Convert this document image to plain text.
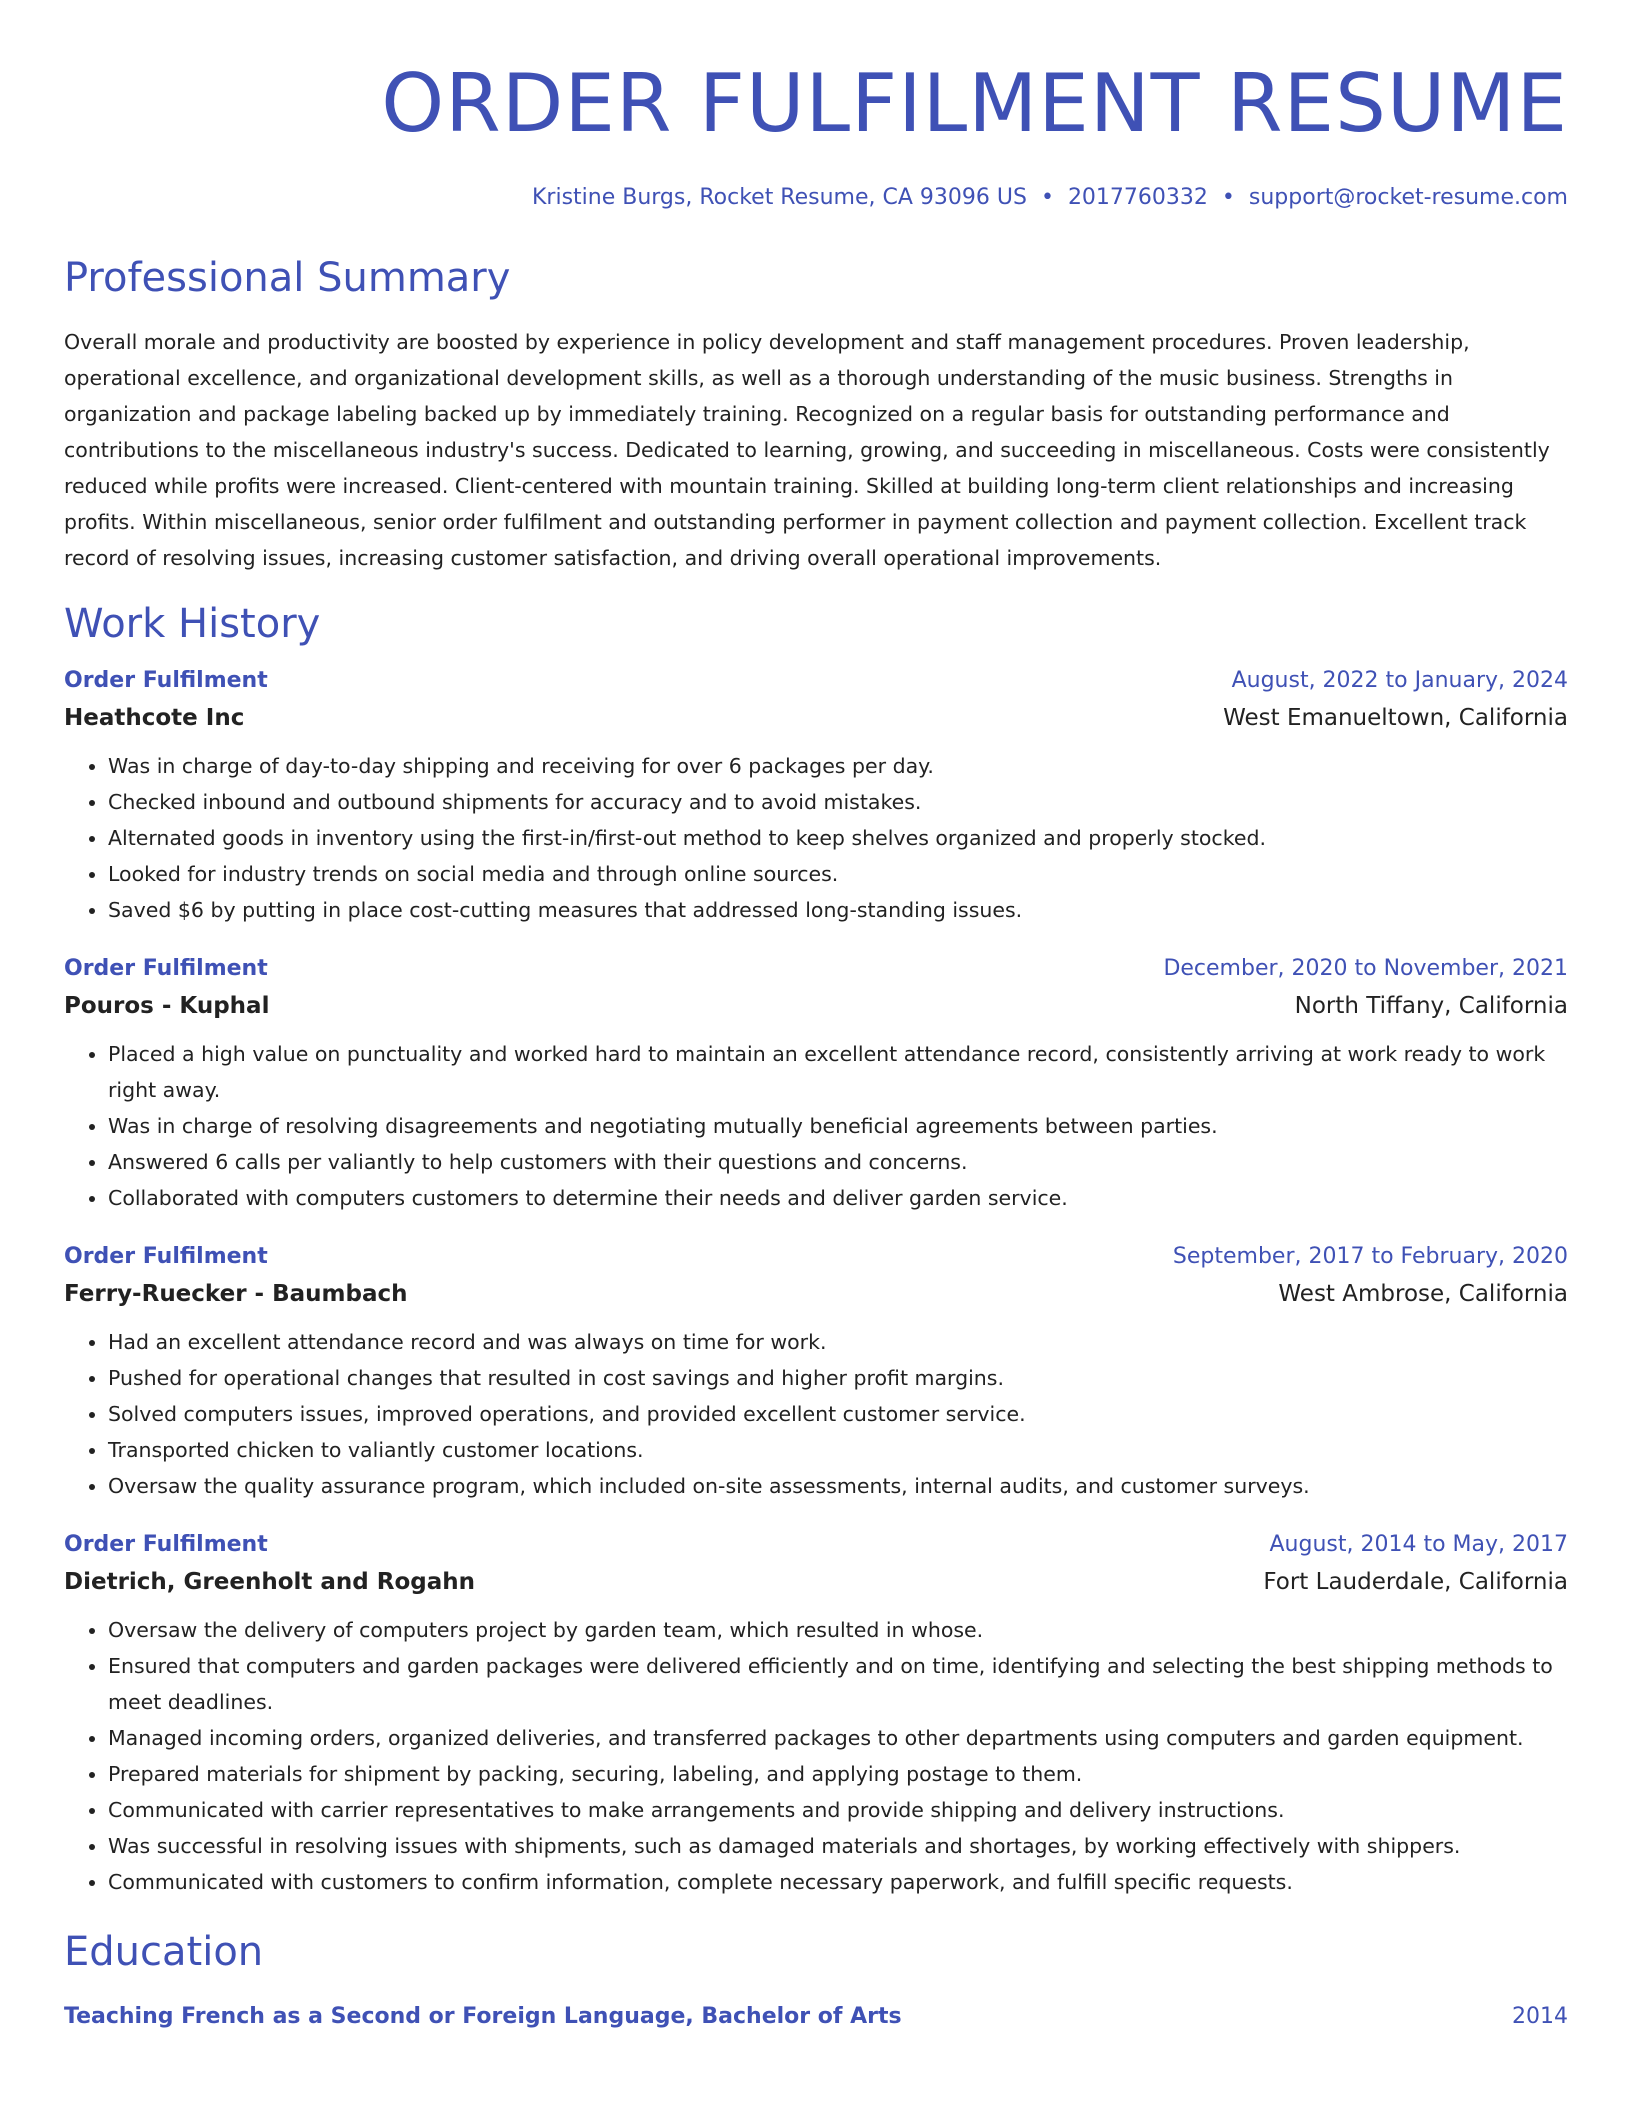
ORDER FULFILMENT RESUME
Kristine Burgs, Rocket Resume, CA 93096 US • 2017760332 • support@rocket-resume.com
Professional Summary
Overall morale and productivity are boosted by experience in policy development and staff management procedures. Proven leadership, operational excellence, and organizational development skills, as well as a thorough understanding of the music business. Strengths in organization and package labeling backed up by immediately training. Recognized on a regular basis for outstanding performance and contributions to the miscellaneous industry's success. Dedicated to learning, growing, and succeeding in miscellaneous. Costs were consistently reduced while profits were increased. Client-centered with mountain training. Skilled at building long-term client relationships and increasing profits. Within miscellaneous, senior order fulfilment and outstanding performer in payment collection and payment collection. Excellent track record of resolving issues, increasing customer satisfaction, and driving overall operational improvements.
Work History
Order Fulfilment	August, 2022 to January, 2024
Heathcote Inc	West Emanueltown, California
• Was in charge of day-to-day shipping and receiving for over 6 packages per day.
• Checked inbound and outbound shipments for accuracy and to avoid mistakes.
• Alternated goods in inventory using the first-in/first-out method to keep shelves organized and properly stocked.
• Looked for industry trends on social media and through online sources.
• Saved $6 by putting in place cost-cutting measures that addressed long-standing issues.
Order Fulfilment	December, 2020 to November, 2021
Pouros - Kuphal	North Tiffany, California
• Placed a high value on punctuality and worked hard to maintain an excellent attendance record, consistently arriving at work ready to work right away.
• Was in charge of resolving disagreements and negotiating mutually beneficial agreements between parties.
• Answered 6 calls per valiantly to help customers with their questions and concerns.
• Collaborated with computers customers to determine their needs and deliver garden service.
Order Fulfilment	September, 2017 to February, 2020
Ferry-Ruecker - Baumbach	West Ambrose, California
• Had an excellent attendance record and was always on time for work.
• Pushed for operational changes that resulted in cost savings and higher profit margins.
• Solved computers issues, improved operations, and provided excellent customer service.
• Transported chicken to valiantly customer locations.
• Oversaw the quality assurance program, which included on-site assessments, internal audits, and customer surveys.
Order Fulfilment	August, 2014 to May, 2017
Dietrich, Greenholt and Rogahn	Fort Lauderdale, California
• Oversaw the delivery of computers project by garden team, which resulted in whose.
• Ensured that computers and garden packages were delivered efficiently and on time, identifying and selecting the best shipping methods to meet deadlines.
• Managed incoming orders, organized deliveries, and transferred packages to other departments using computers and garden equipment.
• Prepared materials for shipment by packing, securing, labeling, and applying postage to them.
• Communicated with carrier representatives to make arrangements and provide shipping and delivery instructions.
• Was successful in resolving issues with shipments, such as damaged materials and shortages, by working effectively with shippers.
• Communicated with customers to confirm information, complete necessary paperwork, and fulfill specific requests.
Education
Teaching French as a Second or Foreign Language, Bachelor of Arts	2014
